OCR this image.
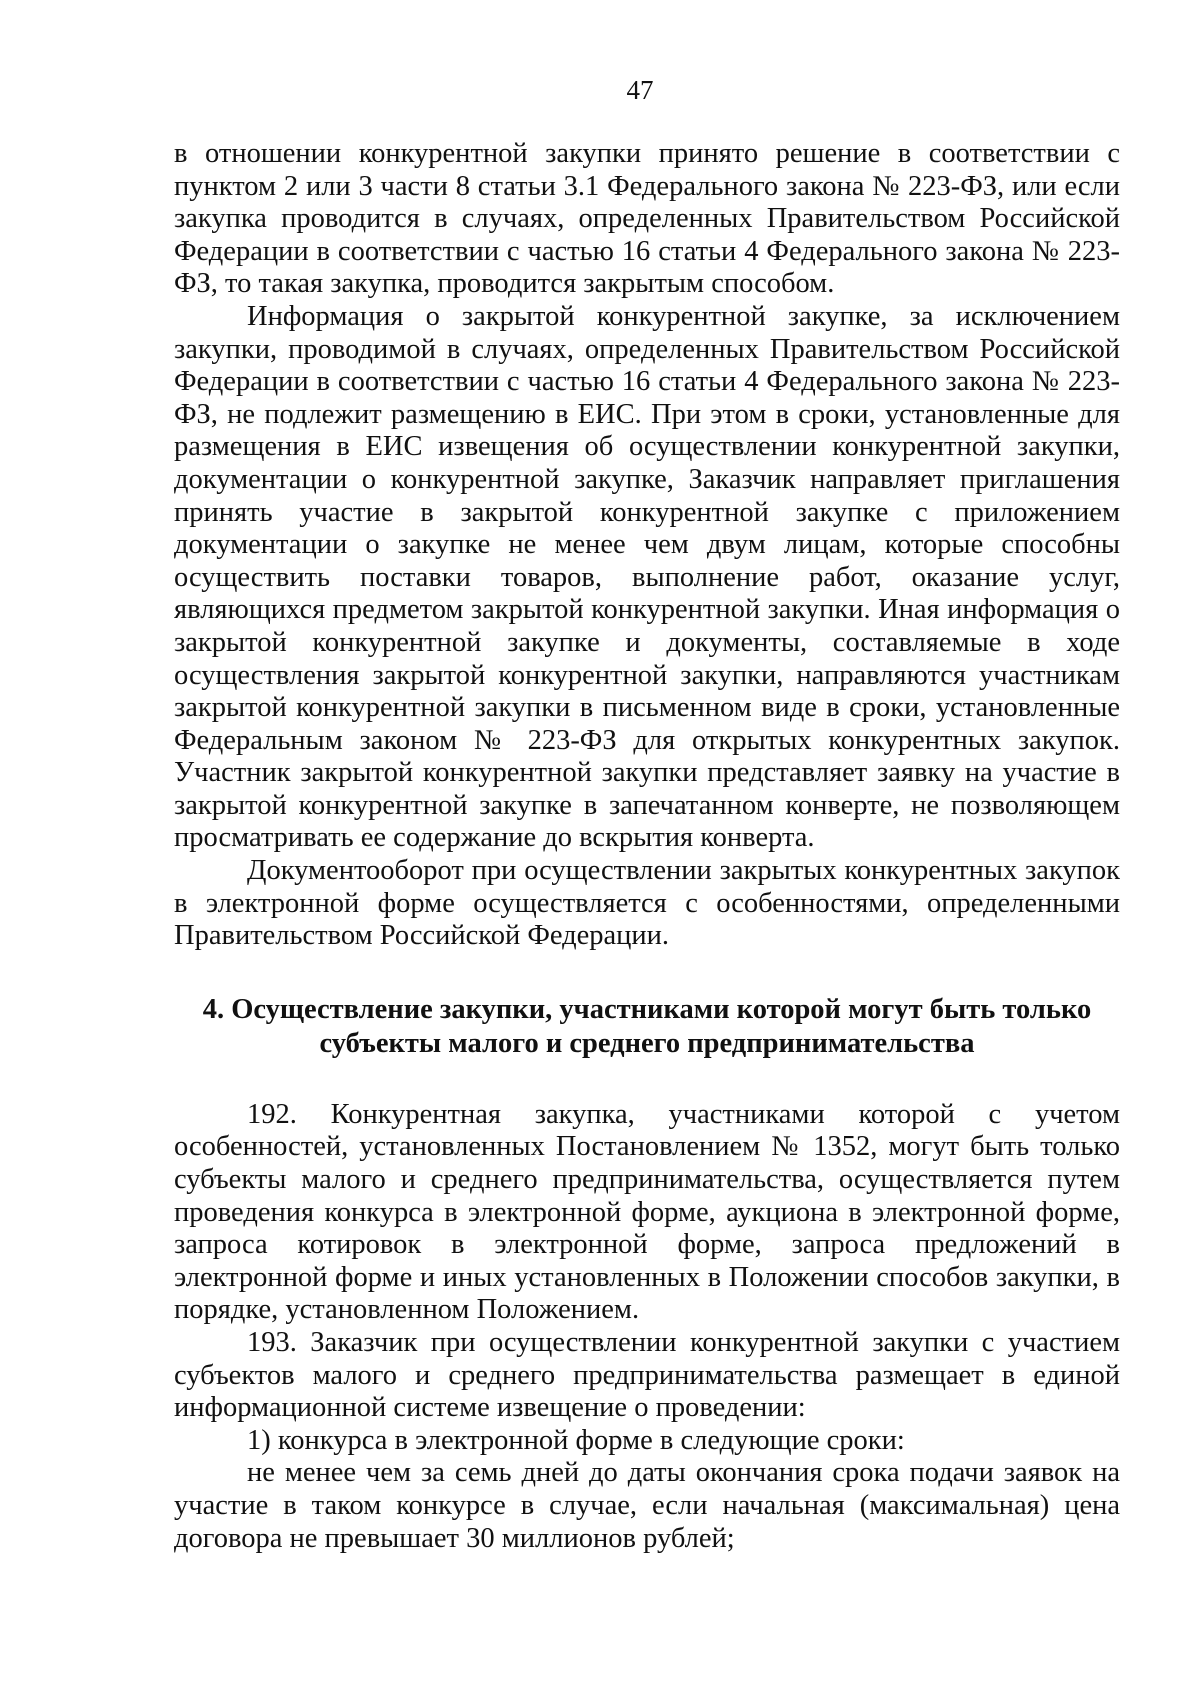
47

в отношении конкурентной закупки принято решение в соответствии с пунктом 2 или 3 части 8 статьи 3.1 Федерального закона № 223-ФЗ, или если закупка проводится в случаях, определенных Правительством Российской Федерации в соответствии с частью 16 статьи 4 Федерального закона № 223-ФЗ, то такая закупка, проводится закрытым способом.

Информация о закрытой конкурентной закупке, за исключением закупки, проводимой в случаях, определенных Правительством Российской Федерации в соответствии с частью 16 статьи 4 Федерального закона № 223-ФЗ, не подлежит размещению в ЕИС. При этом в сроки, установленные для размещения в ЕИС извещения об осуществлении конкурентной закупки, документации о конкурентной закупке, Заказчик направляет приглашения принять участие в закрытой конкурентной закупке с приложением документации о закупке не менее чем двум лицам, которые способны осуществить поставки товаров, выполнение работ, оказание услуг, являющихся предметом закрытой конкурентной закупки. Иная информация о закрытой конкурентной закупке и документы, составляемые в ходе осуществления закрытой конкурентной закупки, направляются участникам закрытой конкурентной закупки в письменном виде в сроки, установленные Федеральным законом № 223-ФЗ для открытых конкурентных закупок. Участник закрытой конкурентной закупки представляет заявку на участие в закрытой конкурентной закупке в запечатанном конверте, не позволяющем просматривать ее содержание до вскрытия конверта.

Документооборот при осуществлении закрытых конкурентных закупок в электронной форме осуществляется с особенностями, определенными Правительством Российской Федерации.

4. Осуществление закупки, участниками которой могут быть только
субъекты малого и среднего предпринимательства

192. Конкурентная закупка, участниками которой с учетом особенностей, установленных Постановлением № 1352, могут быть только субъекты малого и среднего предпринимательства, осуществляется путем проведения конкурса в электронной форме, аукциона в электронной форме, запроса котировок в электронной форме, запроса предложений в электронной форме и иных установленных в Положении способов закупки, в порядке, установленном Положением.

193. Заказчик при осуществлении конкурентной закупки с участием субъектов малого и среднего предпринимательства размещает в единой информационной системе извещение о проведении:

1) конкурса в электронной форме в следующие сроки:

не менее чем за семь дней до даты окончания срока подачи заявок на участие в таком конкурсе в случае, если начальная (максимальная) цена договора не превышает 30 миллионов рублей;
